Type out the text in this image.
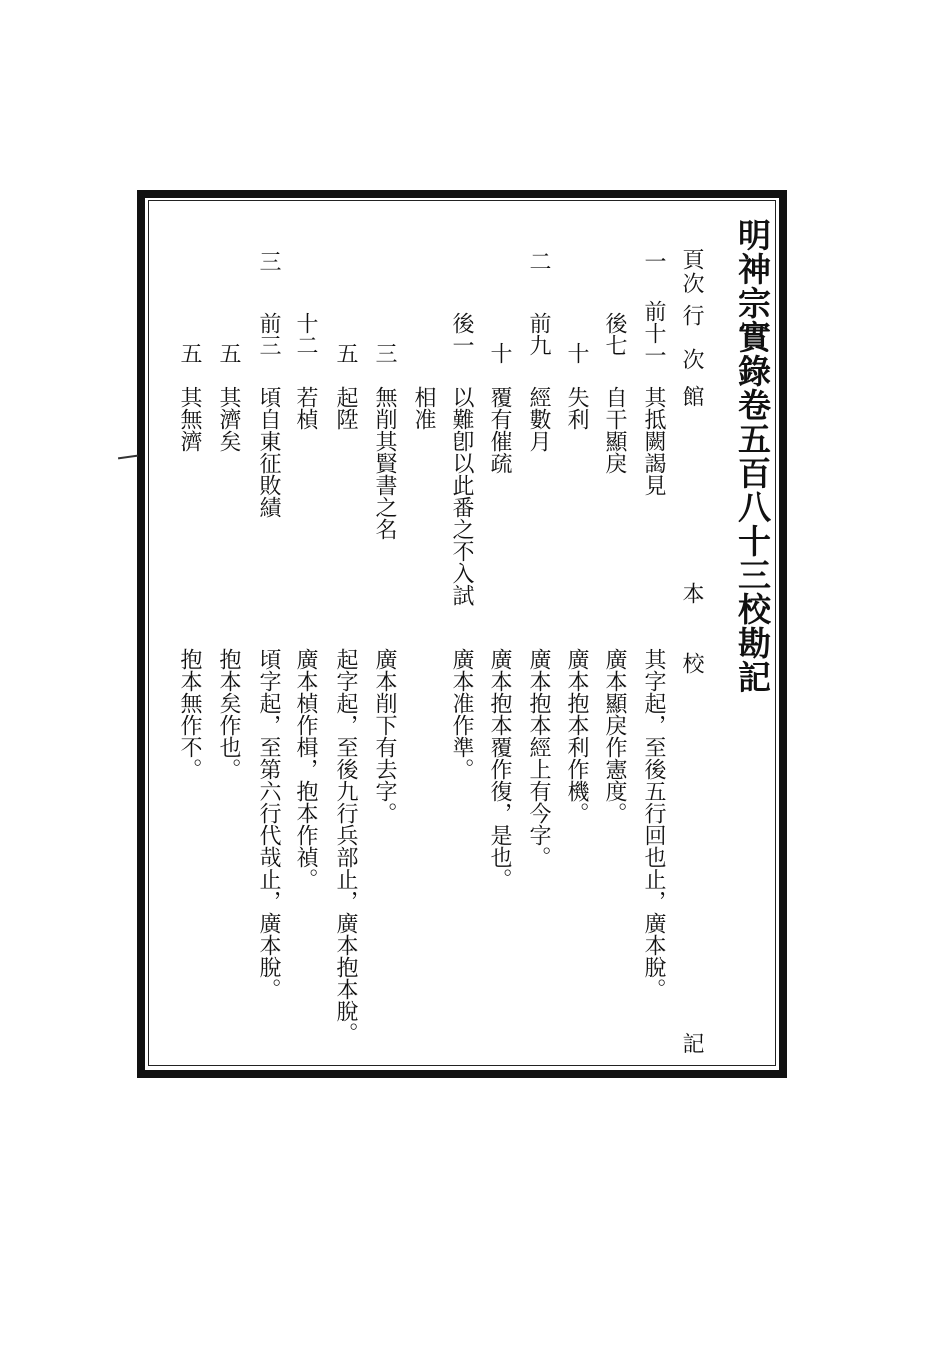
明神宗實錄卷五百八十三校勘記
頁
次
行
次
館
本
校
記
一
前十一
其抵闕謁見
其字起，至後五行回也止，廣本脫。
後七
自干顯戾
廣本顯戾作憲度。
十
失利
廣本抱本利作機。
二
前九
經數月
廣本抱本經上有今字。
十
覆有催疏
廣本抱本覆作復，是也。
後一
以難卽以此番之不入試
廣本准作準。
相准
三
無削其賢書之名
廣本削下有去字。
五
起陞
起字起，至後九行兵部止，廣本抱本脫。
十二
若楨
廣本楨作楫，抱本作禎。
三
前三
頃自東征敗績
頃字起，至第六行代哉止，廣本脫。
五
其濟矣
抱本矣作也。
五
其無濟
抱本無作不。
